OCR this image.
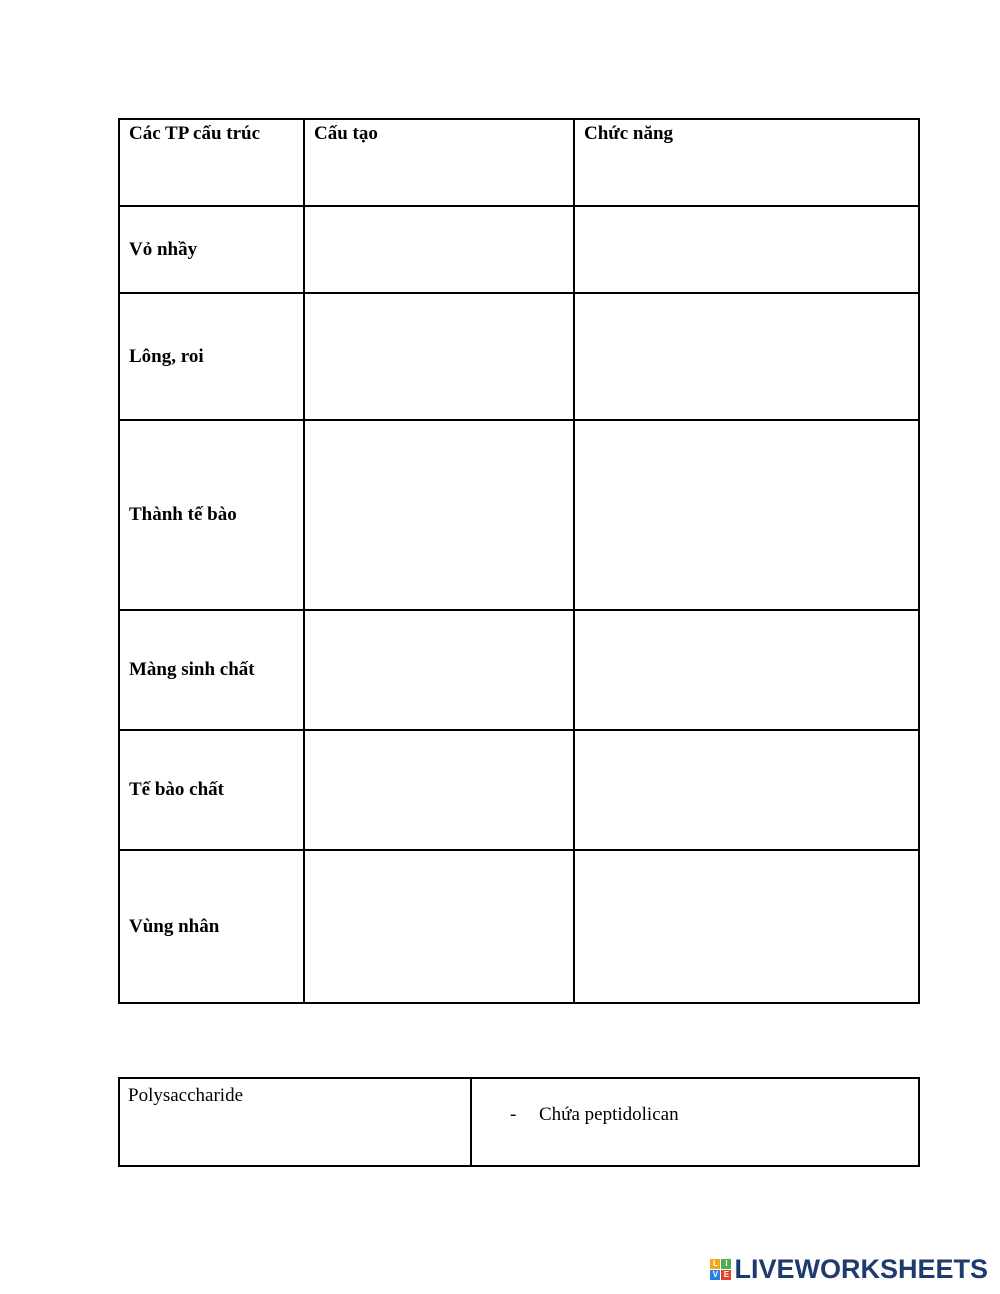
Các TP cấu trúc	Cấu tạo	Chức năng
Vỏ nhầy	

Lông, roi	

Thành tế bào	

Màng sinh chất	

Tế bào chất	

Vùng nhân	

Polysaccharide	- Chứa peptidolican
L I
V E LIVEWORKSHEETS
